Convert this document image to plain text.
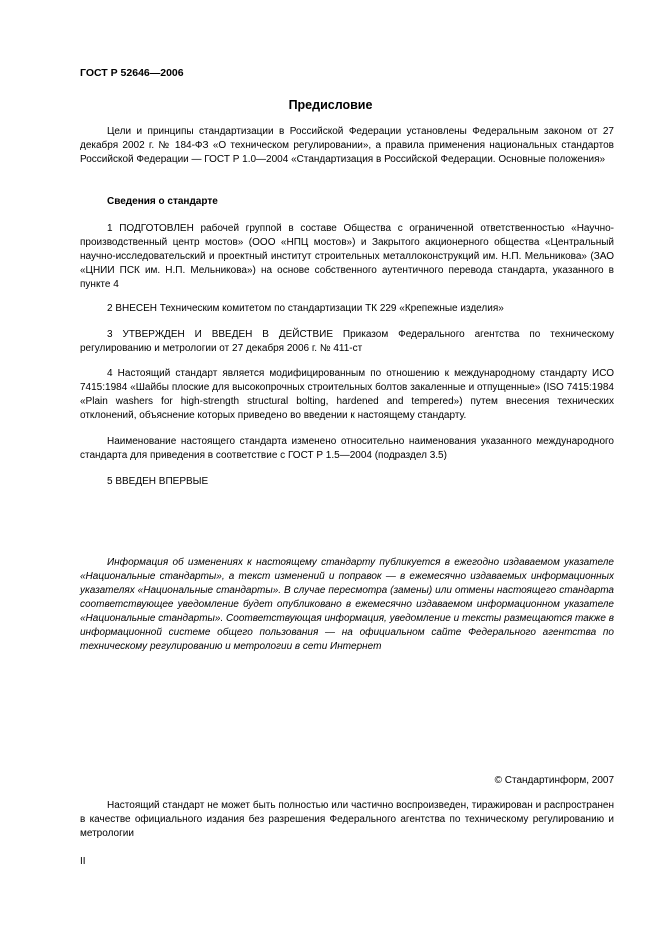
ГОСТ Р 52646—2006
Предисловие
Цели и принципы стандартизации в Российской Федерации установлены Федеральным законом от 27 декабря 2002 г. № 184-ФЗ «О техническом регулировании», а правила применения национальных стандартов Российской Федерации — ГОСТ Р 1.0—2004 «Стандартизация в Российской Федерации. Основные положения»
Сведения о стандарте
1 ПОДГОТОВЛЕН рабочей группой в составе Общества с ограниченной ответственностью «Научно-производственный центр мостов» (ООО «НПЦ мостов») и Закрытого акционерного общества «Центральный научно-исследовательский и проектный институт строительных металлоконструкций им. Н.П. Мельникова» (ЗАО «ЦНИИ ПСК им. Н.П. Мельникова») на основе собственного аутентичного перевода стандарта, указанного в пункте 4
2 ВНЕСЕН Техническим комитетом по стандартизации ТК 229 «Крепежные изделия»
3 УТВЕРЖДЕН И ВВЕДЕН В ДЕЙСТВИЕ Приказом Федерального агентства по техническому регулированию и метрологии от 27 декабря 2006 г. № 411-ст
4 Настоящий стандарт является модифицированным по отношению к международному стандарту ИСО 7415:1984 «Шайбы плоские для высокопрочных строительных болтов закаленные и отпущенные» (ISO 7415:1984 «Plain washers for high-strength structural bolting, hardened and tempered») путем внесения технических отклонений, объяснение которых приведено во введении к настоящему стандарту.
Наименование настоящего стандарта изменено относительно наименования указанного международного стандарта для приведения в соответствие с ГОСТ Р 1.5—2004 (подраздел 3.5)
5 ВВЕДЕН ВПЕРВЫЕ
Информация об изменениях к настоящему стандарту публикуется в ежегодно издаваемом указателе «Национальные стандарты», а текст изменений и поправок — в ежемесячно издаваемых информационных указателях «Национальные стандарты». В случае пересмотра (замены) или отмены настоящего стандарта соответствующее уведомление будет опубликовано в ежемесячно издаваемом информационном указателе «Национальные стандарты». Соответствующая информация, уведомление и тексты размещаются также в информационной системе общего пользования — на официальном сайте Федерального агентства по техническому регулированию и метрологии в сети Интернет
© Стандартинформ, 2007
Настоящий стандарт не может быть полностью или частично воспроизведен, тиражирован и распространен в качестве официального издания без разрешения Федерального агентства по техническому регулированию и метрологии
II
